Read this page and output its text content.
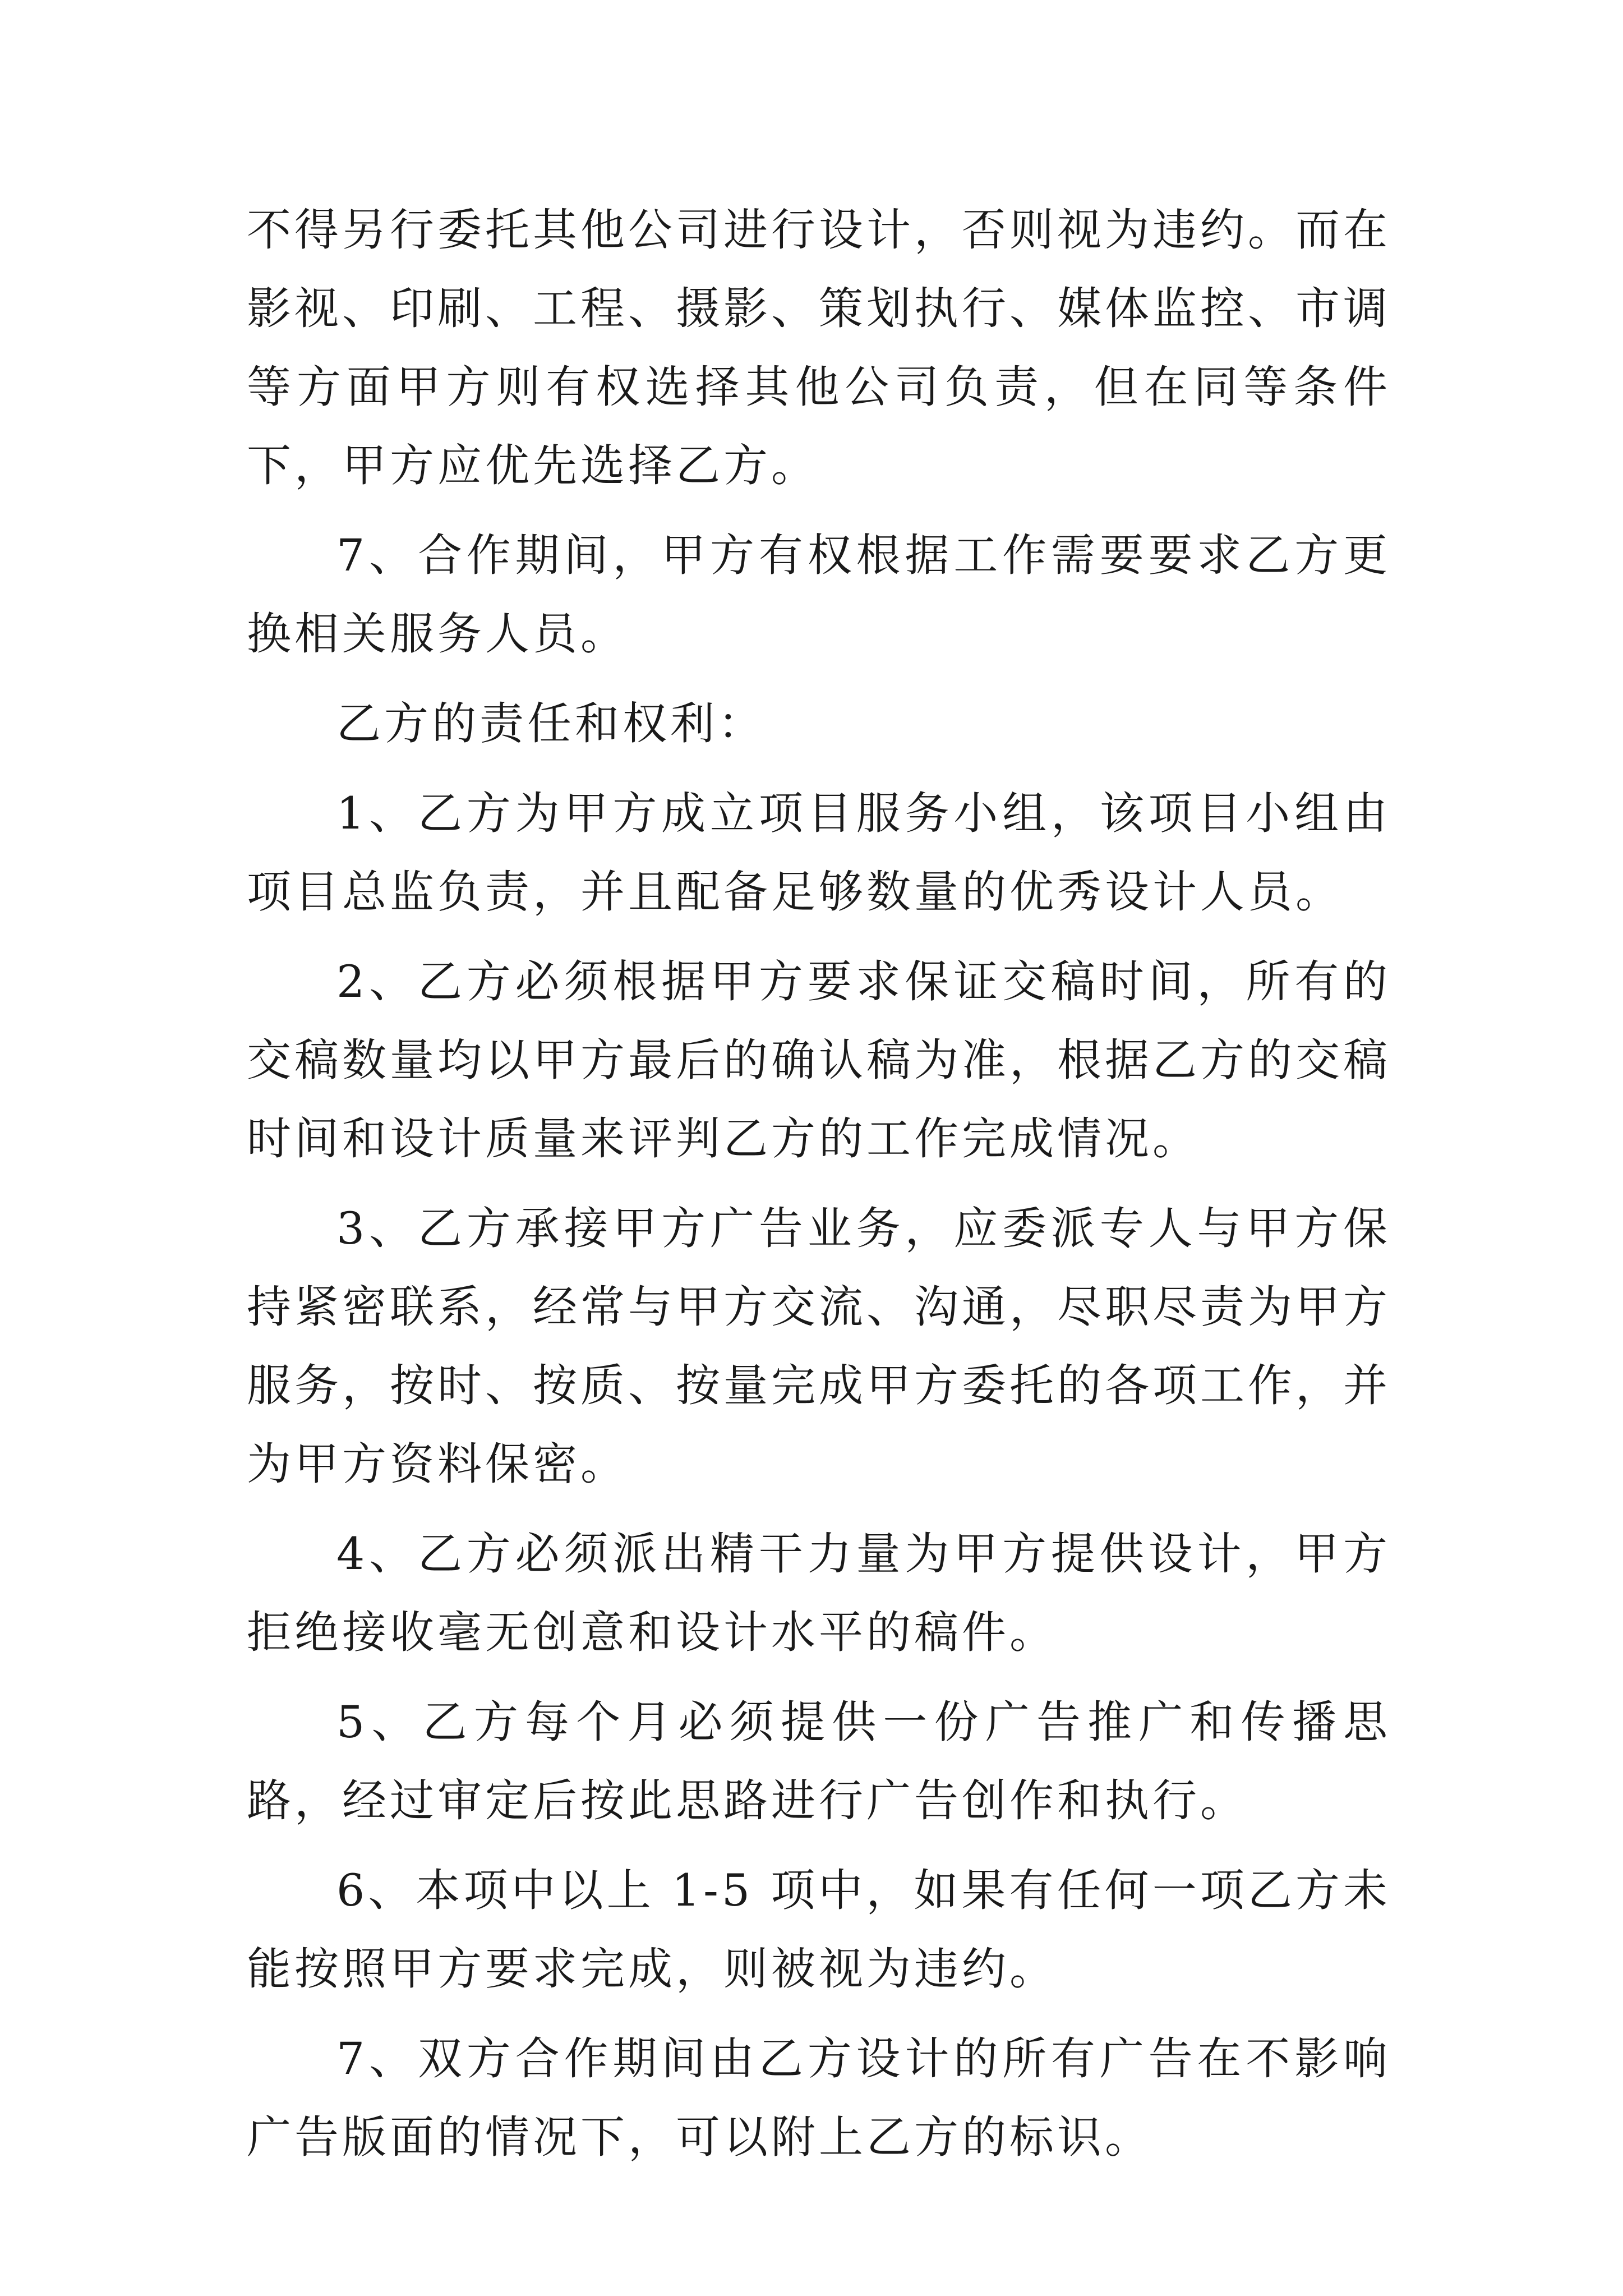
不得另行委托其他公司进行设计，否则视为违约。而在影视、印刷、工程、摄影、策划执行、媒体监控、市调等方面甲方则有权选择其他公司负责，但在同等条件下，甲方应优先选择乙方。

7、合作期间，甲方有权根据工作需要要求乙方更换相关服务人员。

乙方的责任和权利：

1、乙方为甲方成立项目服务小组，该项目小组由项目总监负责，并且配备足够数量的优秀设计人员。

2、乙方必须根据甲方要求保证交稿时间，所有的交稿数量均以甲方最后的确认稿为准，根据乙方的交稿时间和设计质量来评判乙方的工作完成情况。

3、乙方承接甲方广告业务，应委派专人与甲方保持紧密联系，经常与甲方交流、沟通，尽职尽责为甲方服务，按时、按质、按量完成甲方委托的各项工作，并为甲方资料保密。

4、乙方必须派出精干力量为甲方提供设计，甲方拒绝接收毫无创意和设计水平的稿件。

5、乙方每个月必须提供一份广告推广和传播思路，经过审定后按此思路进行广告创作和执行。

6、本项中以上 1-5 项中，如果有任何一项乙方未能按照甲方要求完成，则被视为违约。

7、双方合作期间由乙方设计的所有广告在不影响广告版面的情况下，可以附上乙方的标识。
